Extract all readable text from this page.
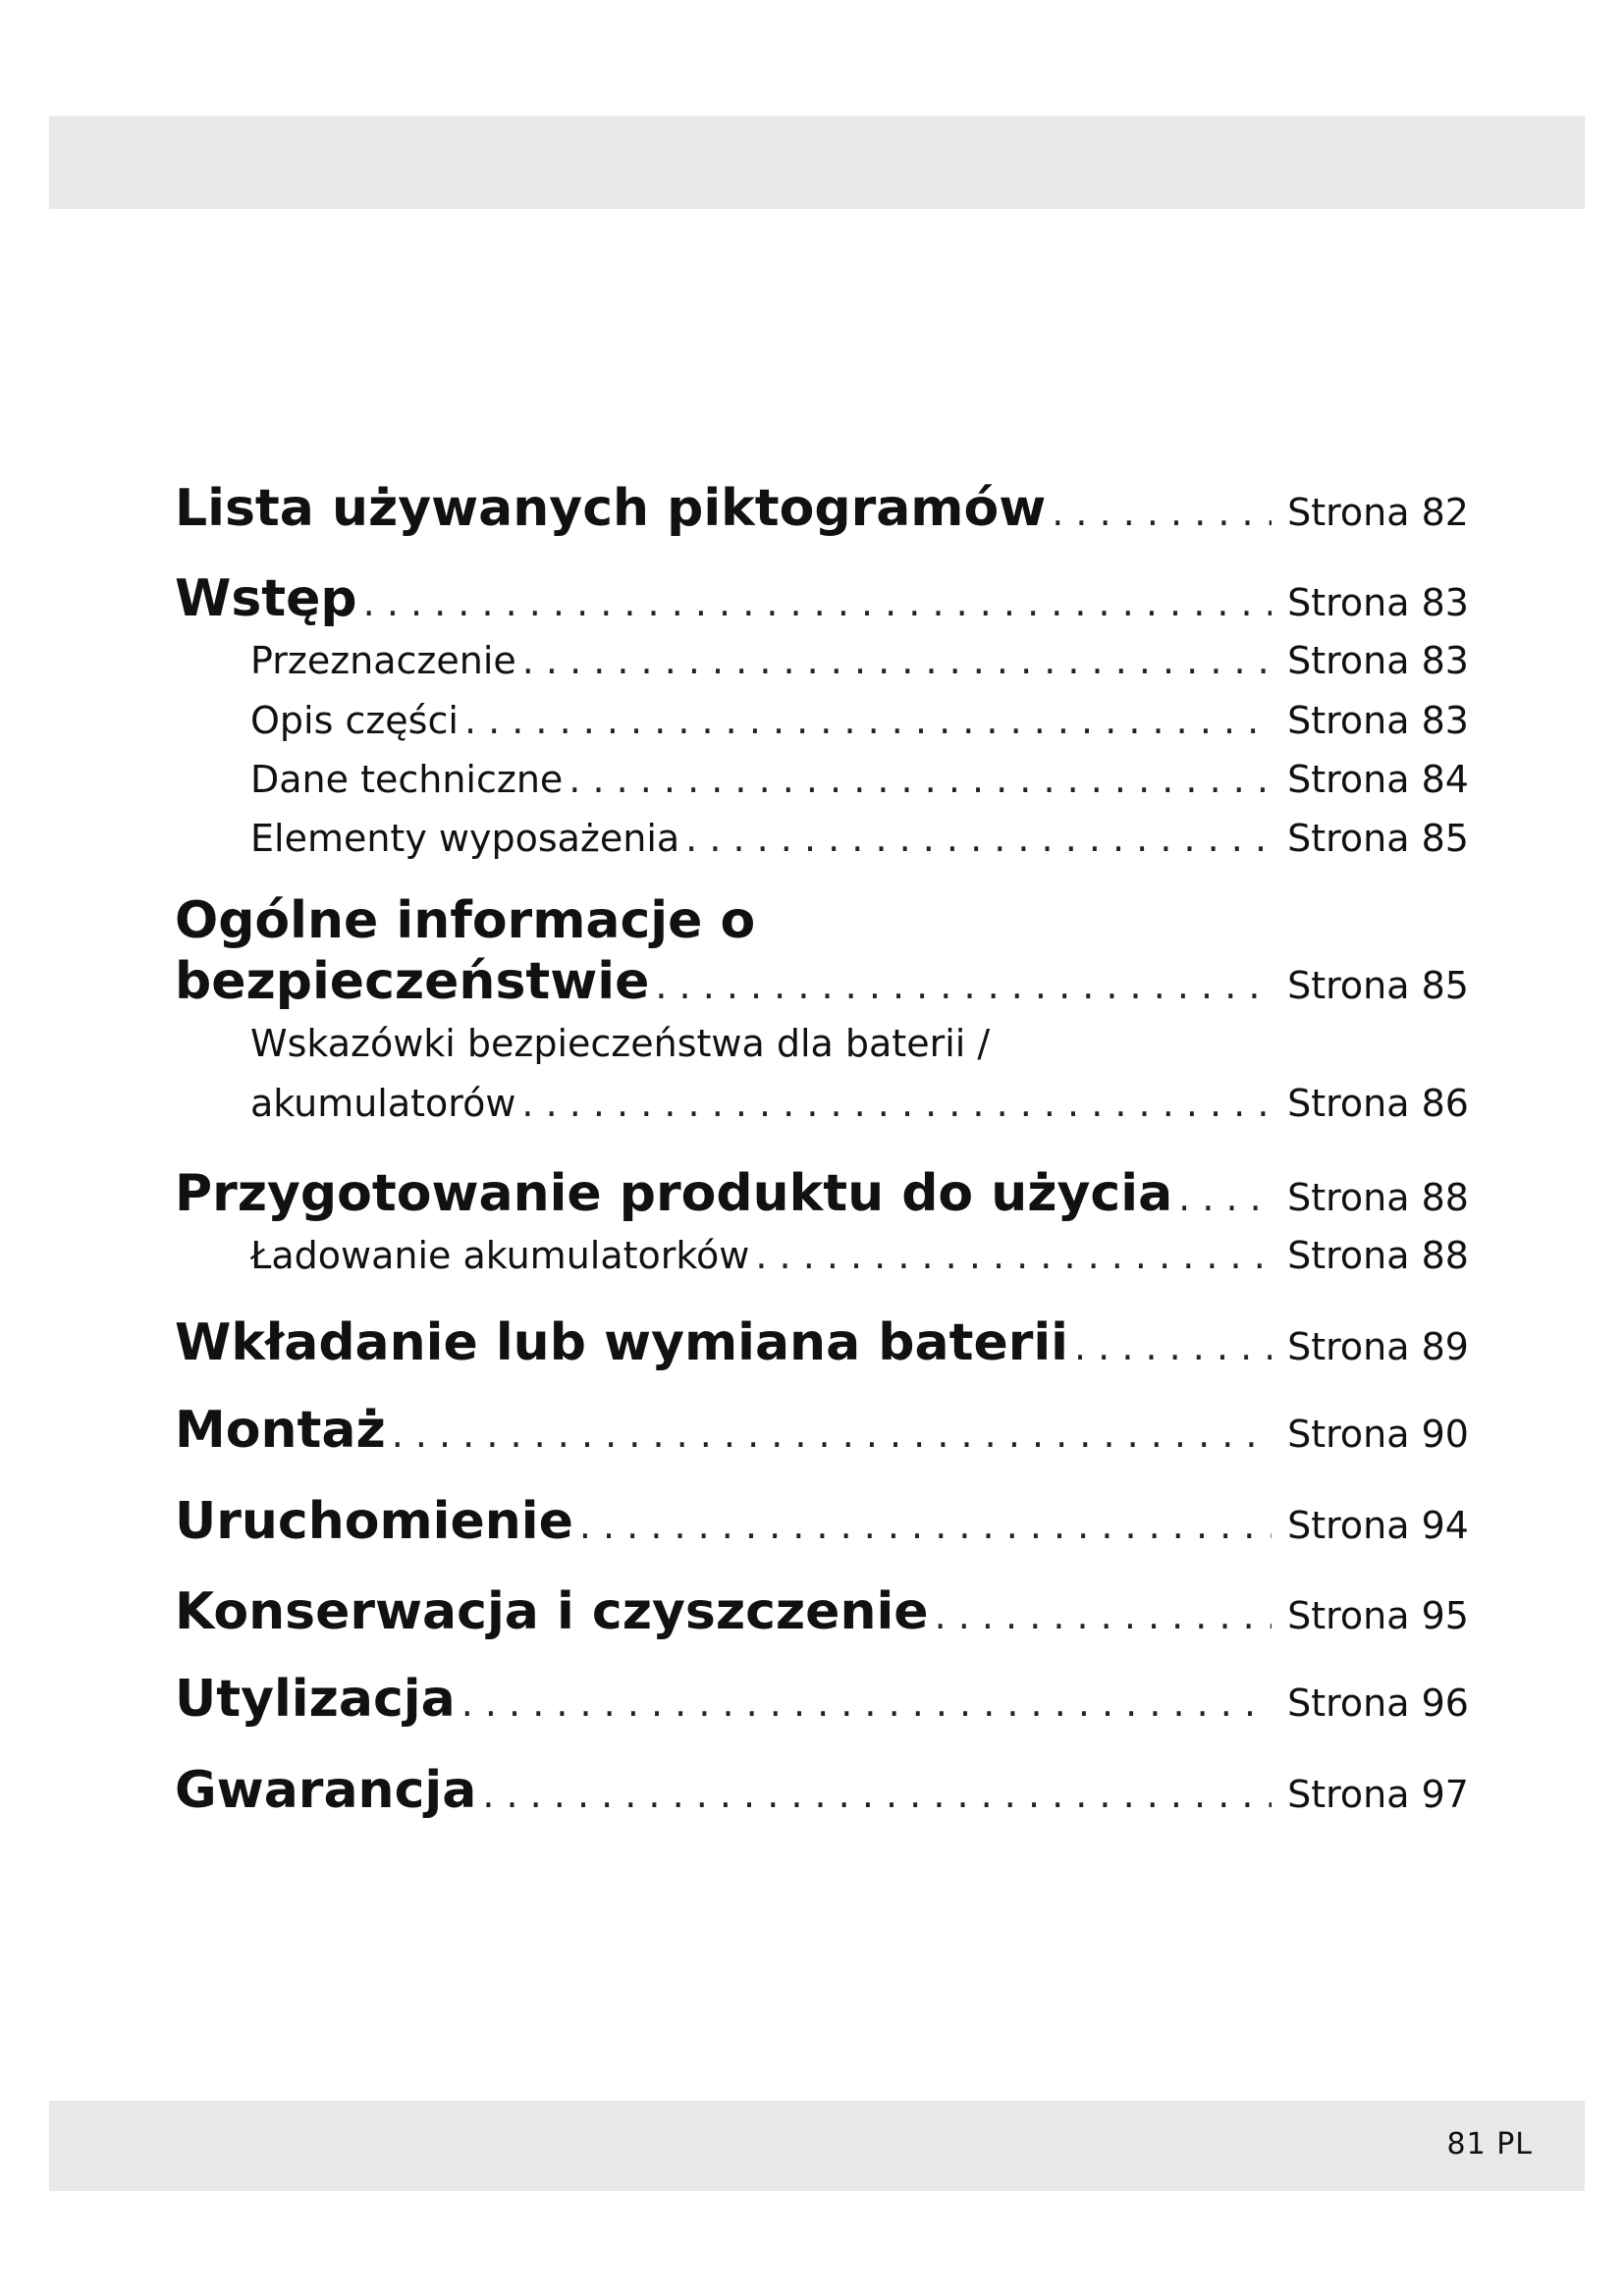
Lista używanych piktogramów . . .	Strona 82
Wstęp . . .	Strona 83
Przeznaczenie . . .	Strona 83
Opis części . . .	Strona 83
Dane techniczne . . .	Strona 84
Elementy wyposażenia . . .	Strona 85
Ogólne informacje o
bezpieczeństwie . . .	Strona 85
Wskazówki bezpieczeństwa dla baterii /
akumulatorów . . .	Strona 86
Przygotowanie produktu do użycia . . .	Strona 88
Ładowanie akumulatorków . . .	Strona 88
Wkładanie lub wymiana baterii . . .	Strona 89
Montaż . . .	Strona 90
Uruchomienie . . .	Strona 94
Konserwacja i czyszczenie . . .	Strona 95
Utylizacja . . .	Strona 96
Gwarancja . . .	Strona 97
81 PL
